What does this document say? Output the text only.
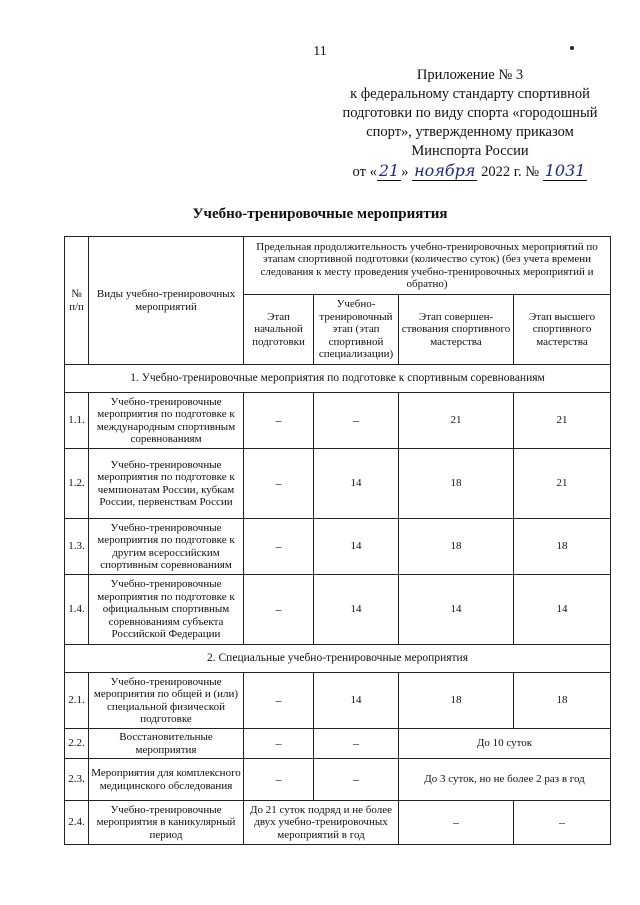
11
Приложение № 3
к федеральному стандарту спортивной
подготовки по виду спорта «городошный
спорт», утвержденному приказом
Минспорта России
от « 21 » ноября 2022 г. № 1031
Учебно-тренировочные мероприятия
№ п/п	Виды учебно-тренировочных мероприятий	Предельная продолжительность учебно-тренировочных мероприятий по этапам спортивной подготовки (количество суток) (без учета времени следования к месту проведения учебно-тренировочных мероприятий и обратно)			
		Этап начальной подготовки	Учебно-тренировочный этап (этап спортивной специализации)	Этап совершен-ствования спортивного мастерства	Этап высшего спортивного мастерства
1. Учебно-тренировочные мероприятия по подготовке к спортивным соревнованиям					
1.1.	Учебно-тренировочные мероприятия по подготовке к международным спортивным соревнованиям	–	–	21	21
1.2.	Учебно-тренировочные мероприятия по подготовке к чемпионатам России, кубкам России, первенствам России	–	14	18	21
1.3.	Учебно-тренировочные мероприятия по подготовке к другим всероссийским спортивным соревнованиям	–	14	18	18
1.4.	Учебно-тренировочные мероприятия по подготовке к официальным спортивным соревнованиям субъекта Российской Федерации	–	14	14	14
2. Специальные учебно-тренировочные мероприятия					
2.1.	Учебно-тренировочные мероприятия по общей и (или) специальной физической подготовке	–	14	18	18
2.2.	Восстановительные мероприятия	–	–	До 10 суток	
2.3.	Мероприятия для комплексного медицинского обследования	–	–	До 3 суток, но не более 2 раз в год	
2.4.	Учебно-тренировочные мероприятия в каникулярный период	До 21 суток подряд и не более двух учебно-тренировочных мероприятий в год		–	–
